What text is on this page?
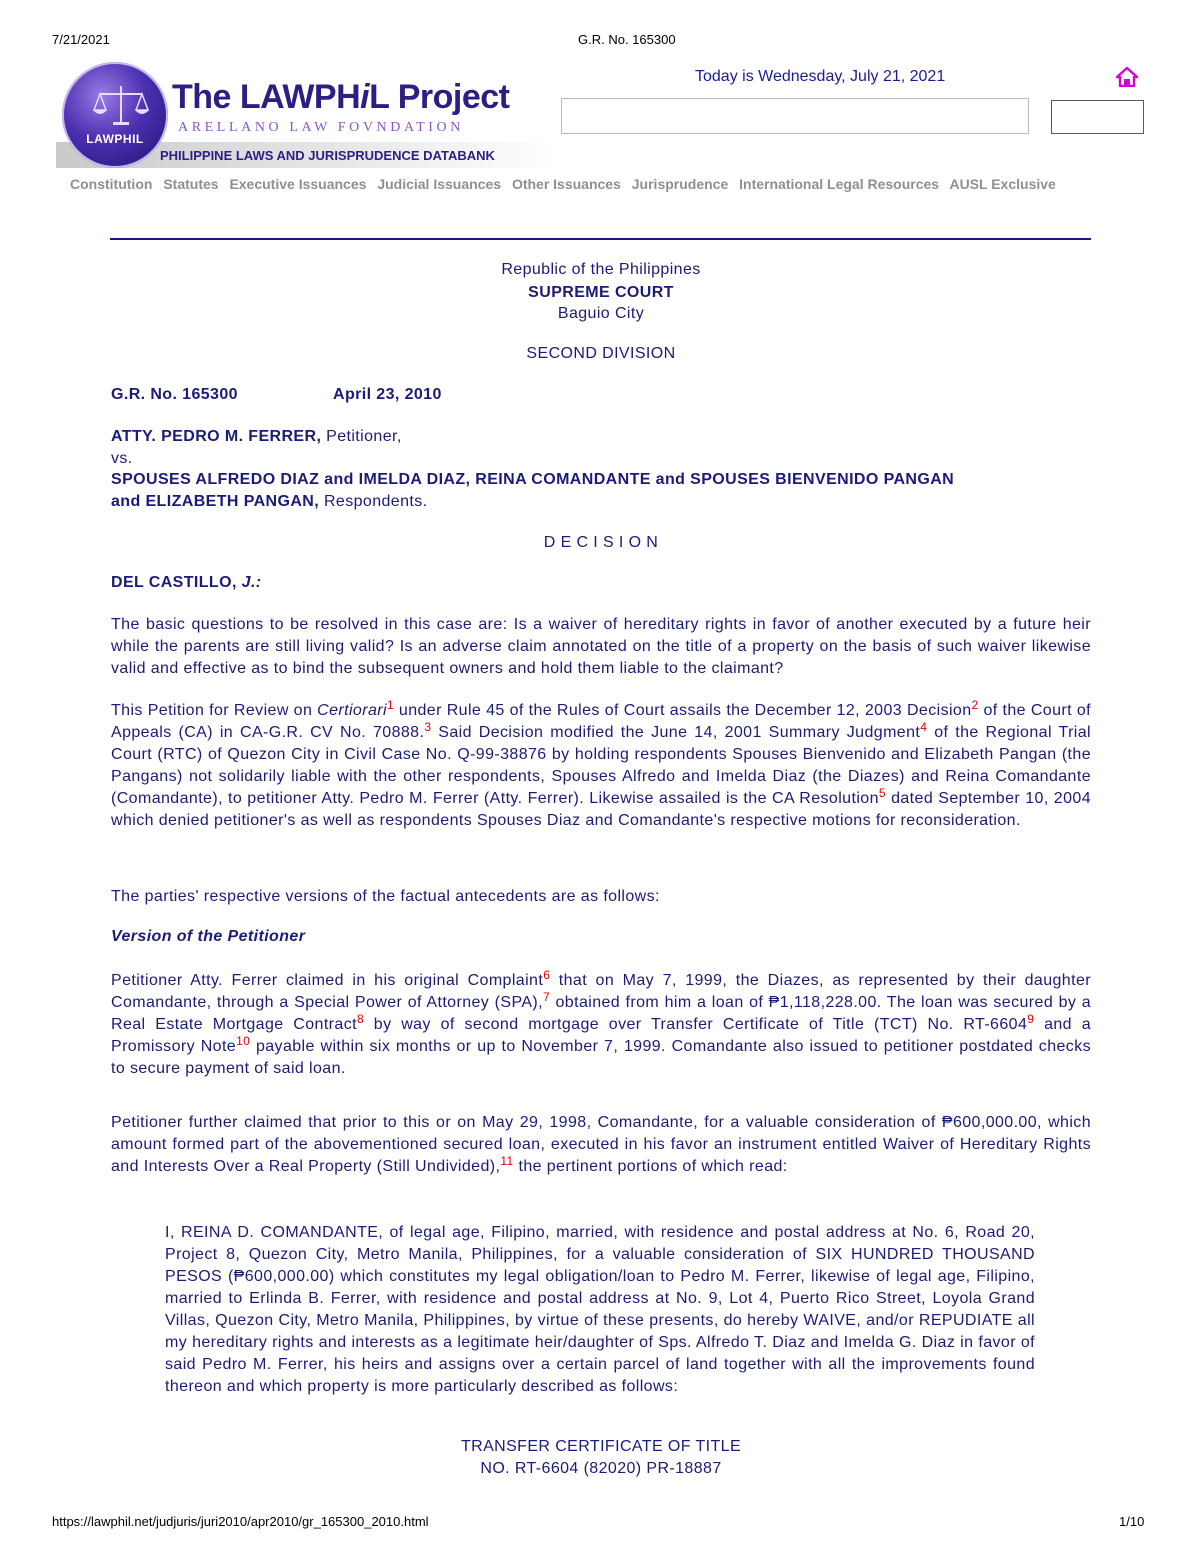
7/21/2021	G.R. No. 165300
PHILIPPINE LAWS AND JURISPRUDENCE DATABANK
LAWPHIL
The LAWPHiL Project
ARELLANO LAW FOVNDATION
Today is Wednesday, July 21, 2021
Constitution Statutes Executive Issuances Judicial Issuances Other Issuances Jurisprudence International Legal Resources AUSL Exclusive
Republic of the Philippines
SUPREME COURT
Baguio City
SECOND DIVISION
G.R. No. 165300	April 23, 2010
ATTY. PEDRO M. FERRER, Petitioner,
vs.
SPOUSES ALFREDO DIAZ and IMELDA DIAZ, REINA COMANDANTE and SPOUSES BIENVENIDO PANGAN
and ELIZABETH PANGAN, Respondents.
D E C I S I O N
DEL CASTILLO, J.:
The basic questions to be resolved in this case are: Is a waiver of hereditary rights in favor of another executed by a future heir while the parents are still living valid? Is an adverse claim annotated on the title of a property on the basis of such waiver likewise valid and effective as to bind the subsequent owners and hold them liable to the claimant?
This Petition for Review on Certiorari$^1$ under Rule 45 of the Rules of Court assails the December 12, 2003 Decision$^2$ of the Court of Appeals (CA) in CA-G.R. CV No. 70888.$^3$ Said Decision modified the June 14, 2001 Summary Judgment$^4$ of the Regional Trial Court (RTC) of Quezon City in Civil Case No. Q-99-38876 by holding respondents Spouses Bienvenido and Elizabeth Pangan (the Pangans) not solidarily liable with the other respondents, Spouses Alfredo and Imelda Diaz (the Diazes) and Reina Comandante (Comandante), to petitioner Atty. Pedro M. Ferrer (Atty. Ferrer). Likewise assailed is the CA Resolution$^5$ dated September 10, 2004 which denied petitioner's as well as respondents Spouses Diaz and Comandante's respective motions for reconsideration.
The parties' respective versions of the factual antecedents are as follows:
Version of the Petitioner
Petitioner Atty. Ferrer claimed in his original Complaint$^6$ that on May 7, 1999, the Diazes, as represented by their daughter Comandante, through a Special Power of Attorney (SPA),$^7$ obtained from him a loan of ₱1,118,228.00. The loan was secured by a Real Estate Mortgage Contract$^8$ by way of second mortgage over Transfer Certificate of Title (TCT) No. RT-6604$^9$ and a Promissory Note$^{10}$ payable within six months or up to November 7, 1999. Comandante also issued to petitioner postdated checks to secure payment of said loan.
Petitioner further claimed that prior to this or on May 29, 1998, Comandante, for a valuable consideration of ₱600,000.00, which amount formed part of the abovementioned secured loan, executed in his favor an instrument entitled Waiver of Hereditary Rights and Interests Over a Real Property (Still Undivided),$^{11}$ the pertinent portions of which read:
I, REINA D. COMANDANTE, of legal age, Filipino, married, with residence and postal address at No. 6, Road 20, Project 8, Quezon City, Metro Manila, Philippines, for a valuable consideration of SIX HUNDRED THOUSAND PESOS (₱600,000.00) which constitutes my legal obligation/loan to Pedro M. Ferrer, likewise of legal age, Filipino, married to Erlinda B. Ferrer, with residence and postal address at No. 9, Lot 4, Puerto Rico Street, Loyola Grand Villas, Quezon City, Metro Manila, Philippines, by virtue of these presents, do hereby WAIVE, and/or REPUDIATE all my hereditary rights and interests as a legitimate heir/daughter of Sps. Alfredo T. Diaz and Imelda G. Diaz in favor of said Pedro M. Ferrer, his heirs and assigns over a certain parcel of land together with all the improvements found thereon and which property is more particularly described as follows:
TRANSFER CERTIFICATE OF TITLE
NO. RT-6604 (82020) PR-18887
https://lawphil.net/judjuris/juri2010/apr2010/gr_165300_2010.html	1/10
